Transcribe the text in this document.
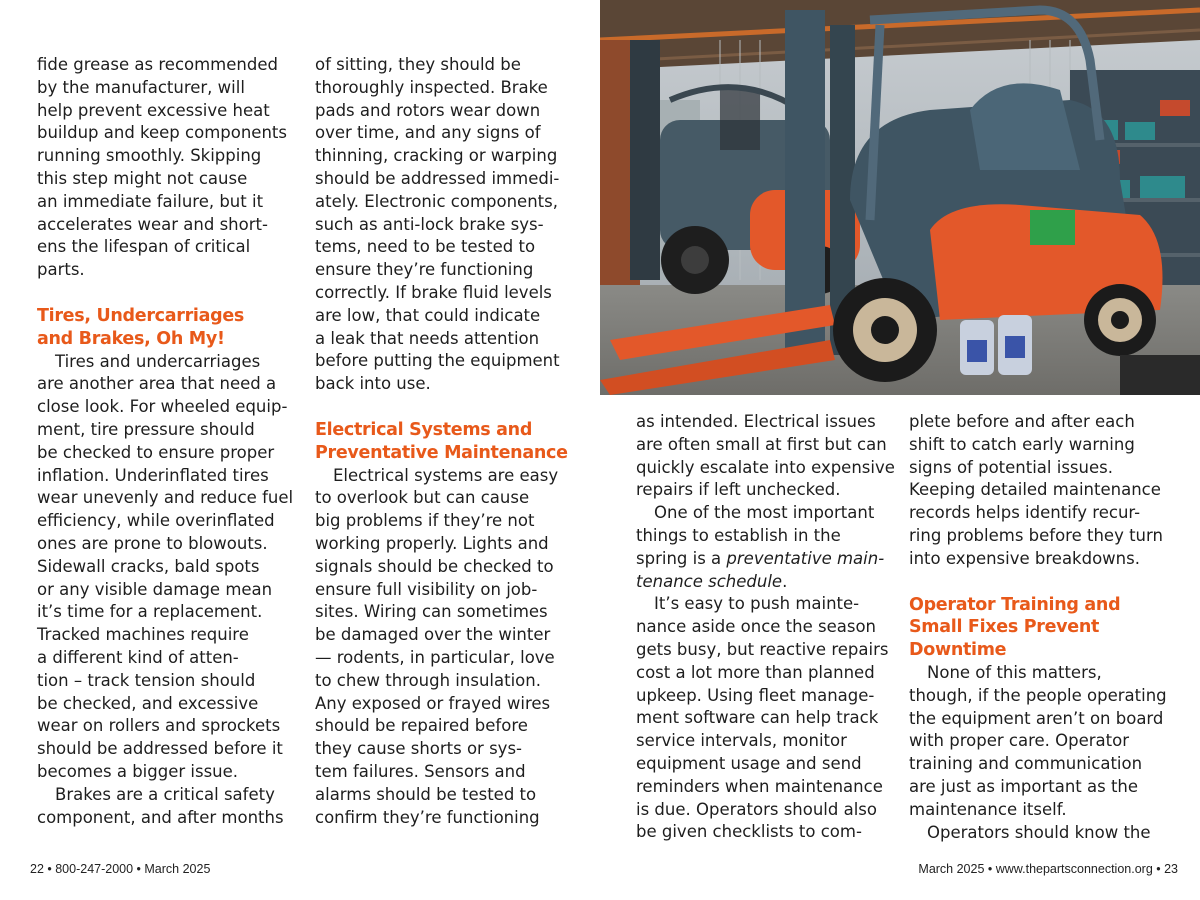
fide grease as recommended
by the manufacturer, will
help prevent excessive heat
buildup and keep components
running smoothly. Skipping
this step might not cause
an immediate failure, but it
accelerates wear and short-
ens the lifespan of critical
parts.

Tires, Undercarriages
and Brakes, Oh My!

Tires and undercarriages
are another area that need a
close look. For wheeled equip-
ment, tire pressure should
be checked to ensure proper
inflation. Underinflated tires
wear unevenly and reduce fuel
efficiency, while overinflated
ones are prone to blowouts.
Sidewall cracks, bald spots
or any visible damage mean
it’s time for a replacement.
Tracked machines require
a different kind of atten-
tion – track tension should
be checked, and excessive
wear on rollers and sprockets
should be addressed before it
becomes a bigger issue.

Brakes are a critical safety
component, and after months

of sitting, they should be
thoroughly inspected. Brake
pads and rotors wear down
over time, and any signs of
thinning, cracking or warping
should be addressed immedi-
ately. Electronic components,
such as anti-lock brake sys-
tems, need to be tested to
ensure they’re functioning
correctly. If brake fluid levels
are low, that could indicate
a leak that needs attention
before putting the equipment
back into use.

Electrical Systems and
Preventative Maintenance

Electrical systems are easy
to overlook but can cause
big problems if they’re not
working properly. Lights and
signals should be checked to
ensure full visibility on job-
sites. Wiring can sometimes
be damaged over the winter
— rodents, in particular, love
to chew through insulation.
Any exposed or frayed wires
should be repaired before
they cause shorts or sys-
tem failures. Sensors and
alarms should be tested to
confirm they’re functioning

as intended. Electrical issues
are often small at first but can
quickly escalate into expensive
repairs if left unchecked.

One of the most important
things to establish in the
spring is a preventative main-
tenance schedule.

It’s easy to push mainte-
nance aside once the season
gets busy, but reactive repairs
cost a lot more than planned
upkeep. Using fleet manage-
ment software can help track
service intervals, monitor
equipment usage and send
reminders when maintenance
is due. Operators should also
be given checklists to com-

plete before and after each
shift to catch early warning
signs of potential issues.
Keeping detailed maintenance
records helps identify recur-
ring problems before they turn
into expensive breakdowns.

Operator Training and
Small Fixes Prevent
Downtime

None of this matters,
though, if the people operating
the equipment aren’t on board
with proper care. Operator
training and communication
are just as important as the
maintenance itself.

Operators should know the

22 • 800-247-2000 • March 2025	March 2025 • www.thepartsconnection.org • 23
